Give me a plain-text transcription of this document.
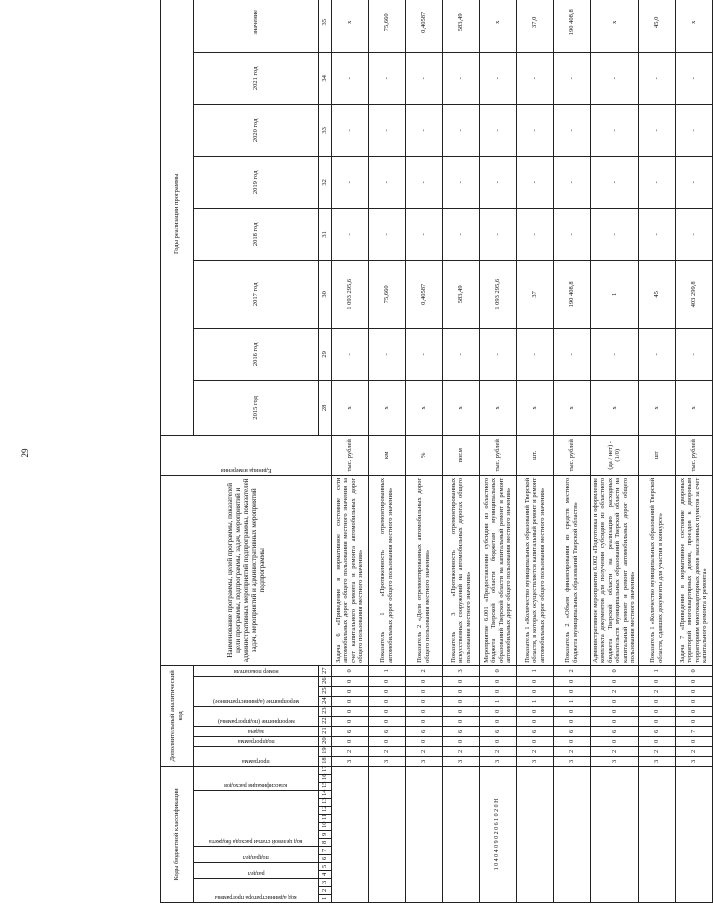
29
Коды бюджетной классификации																	Дополнительный аналитический код										Наименование программы, целей программы, показателей цели программы, подпрограммы, задач, мероприятий и административных мероприятий подпрограммы, показателей задач, мероприятий и административных мероприятий подпрограммы	Единица измерения	Годы реализации программы	

код администратора программы			раздел		подраздел		код целевой статьи расхода бюджета							классификация расходов			программа		подпрограмма	задача	мероприятие (подпрограммы)		мероприятие (административное)			номер показателя			2015 год	2016 год	2017 год	2018 год	2019 год	2020 год	2021 год	значение	
1	2	3	4	5	6	7	8	9	10	11	12	13	14	15	16	17	18	19	20	21	22	23	24	25	26	27			28	29	30	31	32	33	34	35		
																	3	2	0	6	0	0	0	0	0	0	Задача 6 «Приведение в нормативное состояние сети автомобильных дорог общего пользования местного значения за счет капитального ремонта и ремонта автомобильных дорог общего пользования местного значения»	тыс. рублей	х	-	1 093 295,6	-	-	-	-	х	
																	3	2	0	6	0	0	0	0	0	1	Показатель 1 «Протяженность отремонтированных автомобильных дорог общего пользования местного значения»	км	х	-	75,660	-	-	-	-	75,660	
																	3	2	0	6	0	0	0	0	0	2	Показатель 2 «Доля отремонтированных автомобильных дорог общего пользования местного значения»	%	х	-	0,40587	-	-	-	-	0,40587	
																	3	2	0	6	0	0	0	0	0	3	Показатель 3 «Протяженность отремонтированных искусственных сооружений на автомобильных дорогах общего пользования местного значения»	пог.м	х	-	583,49	-	-	-	-	583,49	
1 0 4 0 4 0 9 0 2 0 6 1 0 2 0 Н																	3	2	0	6	0	0	1	0	0	0	Мероприятие 6.001 «Предоставление субсидии из областного бюджета Тверской области бюджетам муниципальных образований Тверской области на капитальный ремонт и ремонт автомобильных дорог общего пользования местного значения»	тыс. рублей	х	-	1 093 295,6	-	-	-	-	х	
																	3	2	0	6	0	0	1	0	0	1	Показатель 1 «Количество муниципальных образований Тверской области, в которых осуществляется капитальный ремонт и ремонт автомобильных дорог общего пользования местного значения»	шт.	х	-	37	-	-	-	-	37,0	
																	3	2	0	6	0	0	1	0	0	2	Показатель 2 «Объем финансирования из средств местного бюджета муниципальных образований Тверской области»	тыс. рублей	х	-	190 408,8	-	-	-	-	190 408,8	
																	3	2	0	6	0	0	0	2	0	0	Административное мероприятие 6.002 «Подготовка и оформление комплекта документов для получения субсидии из областного бюджета Тверской области на реализацию расходных обязательств муниципальных образований Тверской области на капитальный ремонт и ремонт автомобильных дорог общего пользования местного значения»	(да / нет) - (1/0)	х	-	1	-	-	-	-	х	
																	3	2	0	6	0	0	0	2	0	1	Показатель 1 «Количество муниципальных образований Тверской области, сдавших документы для участия в конкурсе»	шт	х	-	45	-	-	-	-	45,0	
																	3	2	0	7	0	0	0	0	0	0	Задача 7 «Приведение в нормативное состояние дворовых территорий многоквартирных домов, проездов к дворовым территориям многоквартирных домов населенных пунктов за счет капитального ремонта и ремонта»	тыс. рублей	х	-	403 299,8	-	-	-	-	х	
